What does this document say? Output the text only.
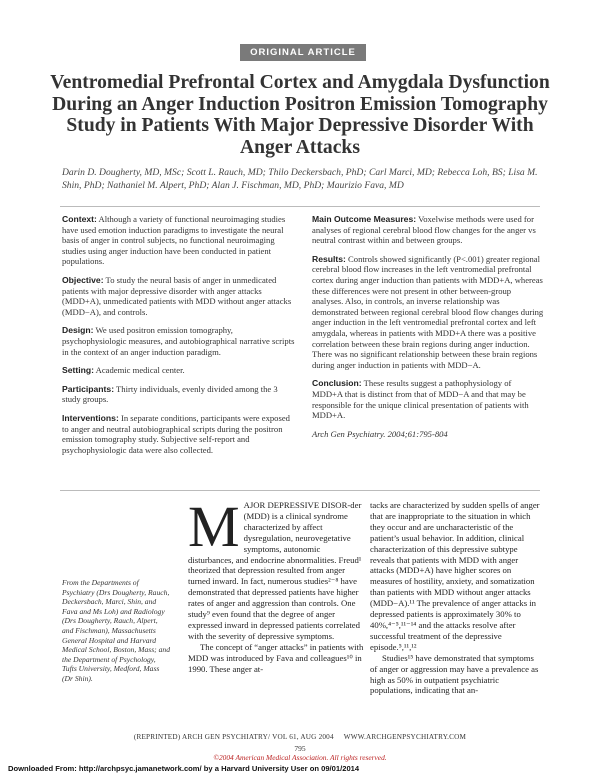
ORIGINAL ARTICLE
Ventromedial Prefrontal Cortex and Amygdala Dysfunction During an Anger Induction Positron Emission Tomography Study in Patients With Major Depressive Disorder With Anger Attacks

Darin D. Dougherty, MD, MSc; Scott L. Rauch, MD; Thilo Deckersbach, PhD; Carl Marci, MD; Rebecca Loh, BS; Lisa M. Shin, PhD; Nathaniel M. Alpert, PhD; Alan J. Fischman, MD, PhD; Maurizio Fava, MD

Context: Although a variety of functional neuroimaging studies have used emotion induction paradigms to investigate the neural basis of anger in control subjects, no functional neuroimaging studies using anger induction have been conducted in patient populations.

Objective: To study the neural basis of anger in unmedicated patients with major depressive disorder with anger attacks (MDD+A), unmedicated patients with MDD without anger attacks (MDD−A), and controls.

Design: We used positron emission tomography, psychophysiologic measures, and autobiographical narrative scripts in the context of an anger induction paradigm.

Setting: Academic medical center.

Participants: Thirty individuals, evenly divided among the 3 study groups.

Interventions: In separate conditions, participants were exposed to anger and neutral autobiographical scripts during the positron emission tomography study. Subjective self-report and psychophysiologic data were also collected.

Main Outcome Measures: Voxelwise methods were used for analyses of regional cerebral blood flow changes for the anger vs neutral contrast within and between groups.

Results: Controls showed significantly (P<.001) greater regional cerebral blood flow increases in the left ventromedial prefrontal cortex during anger induction than patients with MDD+A, whereas these differences were not present in other between-group analyses. Also, in controls, an inverse relationship was demonstrated between regional cerebral blood flow changes during anger induction in the left ventromedial prefrontal cortex and left amygdala, whereas in patients with MDD+A there was a positive correlation between these brain regions during anger induction. There was no significant relationship between these brain regions during anger induction in patients with MDD−A.

Conclusion: These results suggest a pathophysiology of MDD+A that is distinct from that of MDD−A and that may be responsible for the unique clinical presentation of patients with MDD+A.

Arch Gen Psychiatry. 2004;61:795-804

From the Departments of Psychiatry (Drs Dougherty, Rauch, Deckersbach, Marci, Shin, and Fava and Ms Loh) and Radiology (Drs Dougherty, Rauch, Alpert, and Fischman), Massachusetts General Hospital and Harvard Medical School, Boston, Mass; and the Department of Psychology, Tufts University, Medford, Mass (Dr Shin).

MAJOR DEPRESSIVE DISOR-der (MDD) is a clinical syndrome characterized by affect dysregulation, neurovegetative symptoms, autonomic disturbances, and endocrine abnormalities. Freud¹ theorized that depression resulted from anger turned inward. In fact, numerous studies²⁻⁸ have demonstrated that depressed patients have higher rates of anger and aggression than controls. One study⁹ even found that the degree of anger expressed inward in depressed patients correlated with the severity of depressive symptoms.

The concept of “anger attacks” in patients with MDD was introduced by Fava and colleagues¹⁰ in 1990. These anger at-

tacks are characterized by sudden spells of anger that are inappropriate to the situation in which they occur and are uncharacteristic of the patient’s usual behavior. In addition, clinical characterization of this depressive subtype reveals that patients with MDD with anger attacks (MDD+A) have higher scores on measures of hostility, anxiety, and somatization than patients with MDD without anger attacks (MDD−A).¹¹ The prevalence of anger attacks in depressed patients is approximately 30% to 40%,⁴⁻⁵,¹¹⁻¹⁴ and the attacks resolve after successful treatment of the depressive episode.⁵,¹¹,¹²

Studies¹⁵ have demonstrated that symptoms of anger or aggression may have a prevalence as high as 50% in outpatient psychiatric populations, indicating that an-

(REPRINTED) ARCH GEN PSYCHIATRY/ VOL 61, AUG 2004 WWW.ARCHGENPSYCHIATRY.COM
795
©2004 American Medical Association. All rights reserved.
Downloaded From: http://archpsyc.jamanetwork.com/ by a Harvard University User on 09/01/2014
